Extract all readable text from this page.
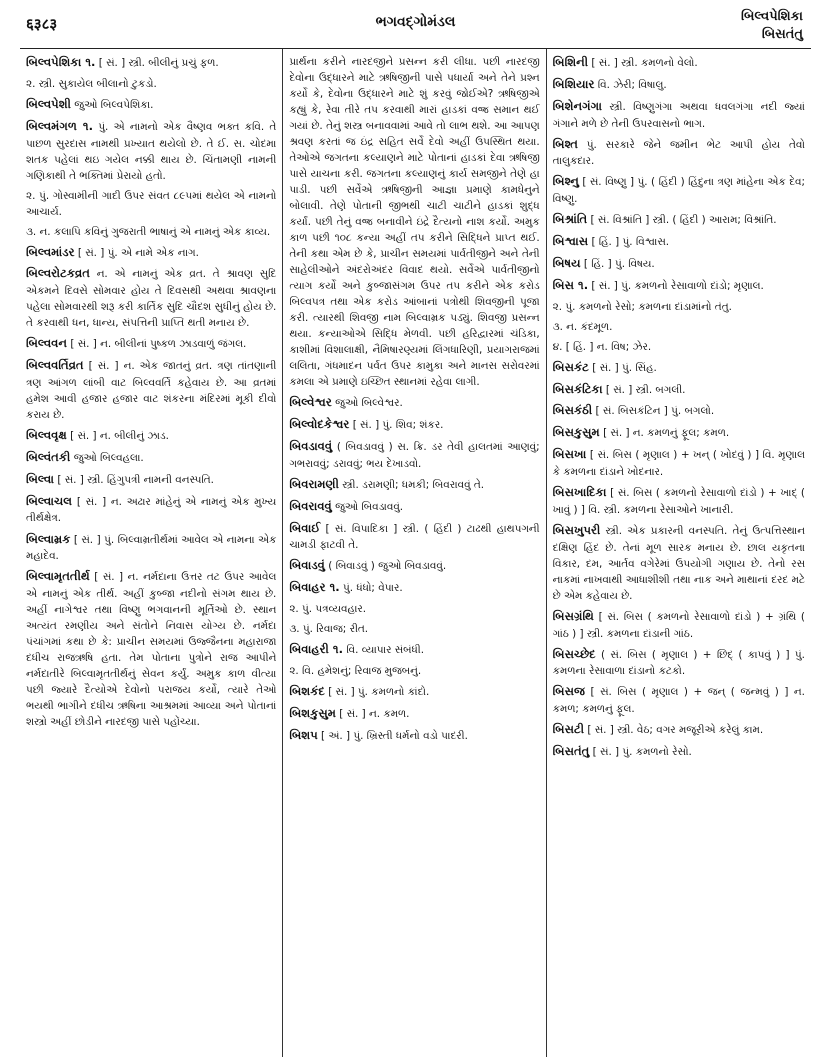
६३८३	ભગવદ્ગોમંડલ	બિલ્વપેશિકા
બિસતંતુ
બિલ્વપેશિકા ૧. [ સં. ] સ્ત્રી. બીલીનું પ્રચું ફળ.
૨. સ્ત્રી. સુકાયેલ બીલાનો ટુકડો.
બિલ્વપેશી જુઓ બિલ્વપેશિકા.
બિલ્વમંગળ ૧. પું. એ નામનો એક વૈષ્ણવ ભક્ત કવિ. તે પાછળ સુરદાસ નામથી પ્રખ્યાત થયેલો છે. તે ઈ. સ. ચોદમા શતક પહેલાં થઇ ગયેલ નક્કી થાય છે. ચિંતામણી નામની ગણિકાથી તે ભક્તિમાં પ્રેરાયો હતો.
૨. પું. ગોસ્વામીની ગાદી ઉપર સંવત ૮૯૫માં થયેલ એ નામનો આચાર્ય.
૩. ન. કલાપિ કવિનું ગુજરાતી ભાષાનું એ નામનું એક કાવ્ય.
બિલ્વમાંડર [ સં. ] પું. એ નામે એક નાગ.
બિલ્વરોટકવ્રત ન. એ નામનું એક વ્રત. તે શ્રાવણ સુદિ એકમને દિવસે સોમવાર હોય તે દિવસથી અથવા શ્રાવણના પહેલા સોમવારથી શરૂ કરી કાર્તિક સુદિ ચૌદશ સુધીનું હોય છે. તે કરવાથી ધન, ધાન્ય, સંપત્તિની પ્રાપ્તિ થતી મનાય છે.
બિલ્વવન [ સં. ] ન. બીલીનાં પુષ્કળ ઝાડવાળું જંગલ.
બિલ્વવર્તિવ્રત [ સં. ] ન. એક જાતનું વ્રત. ત્રણ તાંતણાની ત્રણ આંગળ લાંબી વાટ બિલ્વવર્તિ કહેવાય છે. આ વ્રતમાં હમેશ આવી હજાર હજાર વાટ શંકરના મંદિરમાં મૂકી દીવો કરાય છે.
બિલ્વવૃક્ષ [ સં. ] ન. બીલીનું ઝાડ.
બિલ્વંતકી જુઓ બિલ્વહલા.
બિલ્વા [ સં. ] સ્ત્રી. હિંગુપત્રી નામની વનસ્પતિ.
બિલ્વાચલ [ સં. ] ન. અઢાર માંહેનું એ નામનું એક મુખ્ય તીર્થક્ષેત્ર.
બિલ્વામ્રક [ સં. ] પું. બિલ્વામ્રતીર્થમાં આવેલ એ નામના એક મહાદેવ.
બિલ્વામૃતતીર્થ [ સં. ] ન. નર્મદાના ઉત્તર તટ ઉપર આવેલ એ નામનું એક તીર્થ. અહીં કુબ્જા નદીનો સંગમ થાય છે. અહીં નાગેશ્વર તથા વિષ્ણુ ભગવાનની મૂર્તિઓ છે. સ્થાન અત્યંત રમણીય અને સંતોને નિવાસ યોગ્ય છે. નર્મદા પંચાંગમાં કથા છે કે: પ્રાચીન સમયમાં ઉજ્જૈનના મહારાજા દધીચ રાજઋષિ હતા. તેમ પોતાના પુત્રોને રાજ આપીને નર્મદાતીરે બિલ્વામૃતતીર્થનું સેવન કર્યું. અમુક કાળ વીત્યા પછી જ્યારે દૈત્યોએ દેવોનો પરાજય કર્યો, ત્યારે તેઓ ભયથી ભાગીને દધીચ ઋષિના આશ્રમમાં આવ્યા અને પોતાનાં શસ્ત્રો અહીં છોડીને નારદજી પાસે પહોંચ્યા.
પ્રાર્થના કરીને નારદજીને પ્રસન્ન કરી લીધા. પછી નારદજી દેવોના ઉદ્ધારને માટે ઋષિજીની પાસે પધાર્યા અને તેને પ્રશ્ન કર્યો કે, દેવોના ઉદ્ધારને માટે શું કરવું જોઈએ? ઋષિજીએ કહ્યું કે, રેવા તીરે તપ કરવાથી મારાં હાડકાં વજ્ર સમાન થઈ ગયાં છે. તેનું શસ્ત્ર બનાવવામાં આવે તો લાભ થશે. આ આપણ શ્રવણ કરતાં જ ઇંદ્ર સહિત સર્વે દેવો અહીં ઉપસ્થિત થયા. તેઓએ જગતના કલ્યાણને માટે પોતાનાં હાડકાં દેવા ઋષિજી પાસે યાચના કરી. જગતના કલ્યાણનું કાર્ય સમજીને તેણે હા પાડી. પછી સર્વેએ ઋષિજીની આજ્ઞા પ્રમાણે કામધેનુને બોલાવી. તેણે પોતાની જીભથી ચાટી ચાટીને હાડકાં શુદ્ધ કર્યાં. પછી તેનું વજ્ર બનાવીને ઇંદ્રે દૈત્યનો નાશ કર્યો. અમુક કાળ પછી ૧૦૮ કન્યા અહીં તપ કરીને સિદ્ધિને પ્રાપ્ત થઈ. તેની કથા એમ છે કે, પ્રાચીન સમયમાં પાર્વતીજીને અને તેની સાહેલીઓને અંદરોઅંદર વિવાદ થયો. સર્વેએ પાર્વતીજીનો ત્યાગ કર્યો અને કુબ્જાસંગમ ઉપર તપ કરીને એક કરોડ બિલ્વપત્ર તથા એક કરોડ આંબાનાં પત્રોથી શિવજીની પૂજા કરી. ત્યારથી શિવજી નામ બિલ્વામ્રક પડ્યું. શિવજી પ્રસન્ન થયા. કન્યાઓએ સિદ્ધિ મેળવી. પછી હરિદ્વારમાં ચંડિકા, કાશીમાં વિશાલાક્ષી, નૈમિષારણ્યમાં લિંગધારિણી, પ્રયાગરાજમાં લલિતા, ગંધમાદન પર્વત ઉપર કામુકા અને માનસ સરોવરમાં કમલા એ પ્રમાણે ઇચ્છિત સ્થાનમાં રહેવા લાગી.
બિલ્વેશ્વર જુઓ બિલ્વેશ્વર.
બિલ્વોદકેશ્વર [ સં. ] પું. શિવ; શંકર.
બિવડાવવું ( બિવડાવવું ) સ. ક્રિ. ડર તેવી હાલતમાં આણવું; ગભરાવવું; ડરાવવું; ભય દેખાડવો.
બિવરામણી સ્ત્રી. ડરામણી; ધમકી; બિવરાવવું તે.
બિવરાવવું જુઓ બિવડાવવું.
બિવાઈ [ સં. વિપાદિકા ] સ્ત્રી. ( હિંદી ) ટાઢથી હાથપગની ચામડી ફાટવી તે.
બિવાડવું ( બિવાડવું ) જુઓ બિવડાવવું.
બિવાહર ૧. પું. ધંધો; વેપાર.
૨. પું. પત્રવ્યવહાર.
૩. પું. રિવાજ; રીત.
બિવાહરી ૧. વિ. વ્યાપાર સંબંધી.
૨. વિ. હમેશનું; રિવાજ મુજબનું.
બિશકંદ [ સં. ] પું. કમળનો કાંદો.
બિશકુસુમ [ સં. ] ન. કમળ.
બિશપ [ અં. ] પું. ખ્રિસ્તી ધર્મનો વડો પાદરી.
બિશિની [ સં. ] સ્ત્રી. કમળનો વેલો.
બિશિયાર વિ. ઝેરી; વિષાલુ.
બિશેનગંગા સ્ત્રી. વિષ્ણુગંગા અથવા ધવલગંગા નદી જ્યાં ગંગાને મળે છે તેની ઉપરવાસનો ભાગ.
બિશ્ત પું. સરકારે જેને જમીન ભેટ આપી હોય તેવો તાલુકદાર.
બિશ્નુ [ સં. વિષ્ણુ ] પું. ( હિંદી ) હિંદુના ત્રણ માંહેના એક દેવ; વિષ્ણુ.
બિશ્રાંતિ [ સં. વિશ્રાંતિ ] સ્ત્રી. ( હિંદી ) આરામ; વિશ્રાંતિ.
બિશ્વાસ [ હિં. ] પું. વિશ્વાસ.
બિષય [ હિં. ] પું. વિષય.
બિસ ૧. [ સં. ] પું. કમળનો રેસાવાળો દાંડો; મૃણાલ.
૨. પું. કમળનો રેસો; કમળના દાંડામાંનો તંતુ.
૩. ન. કંદમૂળ.
૪. [ હિં. ] ન. વિષ; ઝેર.
બિસકંટ [ સં. ] પું. સિંહ.
બિસકંટિકા [ સં. ] સ્ત્રી. બગલી.
બિસકંઠી [ સં. બિસકંટિન ] પું. બગલો.
બિસકુસુમ [ સં. ] ન. કમળનું ફૂલ; કમળ.
બિસખા [ સં. બિસ ( મૃણાલ ) + ખન્ ( ખોદવું ) ] વિ. મૃણાલ કે કમળના દાંડાને ખોદનાર.
બિસખાદિકા [ સં. બિસ ( કમળનો રેસાવાળો દાંડો ) + ખાદ્ ( ખાવું ) ] વિ. સ્ત્રી. કમળના રેસાઓને ખાનારી.
બિસખુપરી સ્ત્રી. એક પ્રકારની વનસ્પતિ. તેનું ઉત્પત્તિસ્થાન દક્ષિણ હિંદ છે. તેનાં મૂળ સારક મનાય છે. છાલ યકૃતના વિકાર, દમ, આર્તવ વગેરેમાં ઉપયોગી ગણાય છે. તેનો રસ નાકમાં નાખવાથી આધાશીશી તથા નાક અને માથાનાં દરદ મટે છે એમ કહેવાય છે.
બિસગ્રંથિ [ સં. બિસ ( કમળનો રેસાવાળો દાંડો ) + ગ્રંથિ ( ગાંઠ ) ] સ્ત્રી. કમળના દાંડાની ગાંઠ.
બિસચ્છેદ ( સં. બિસ ( મૃણાલ ) + છિદ્ ( કાપવું ) ] પું. કમળના રેસાવાળા દાંડાનો કટકો.
બિસજ [ સં. બિસ ( મૃણાલ ) + જન્ ( જન્મવું ) ] ન. કમળ; કમળનું ફૂલ.
બિસટી [ સં. ] સ્ત્રી. વેઠ; વગર મજૂરીએ કરેલું કામ.
બિસતંતુ [ સં. ] પું. કમળનો રેસો.
